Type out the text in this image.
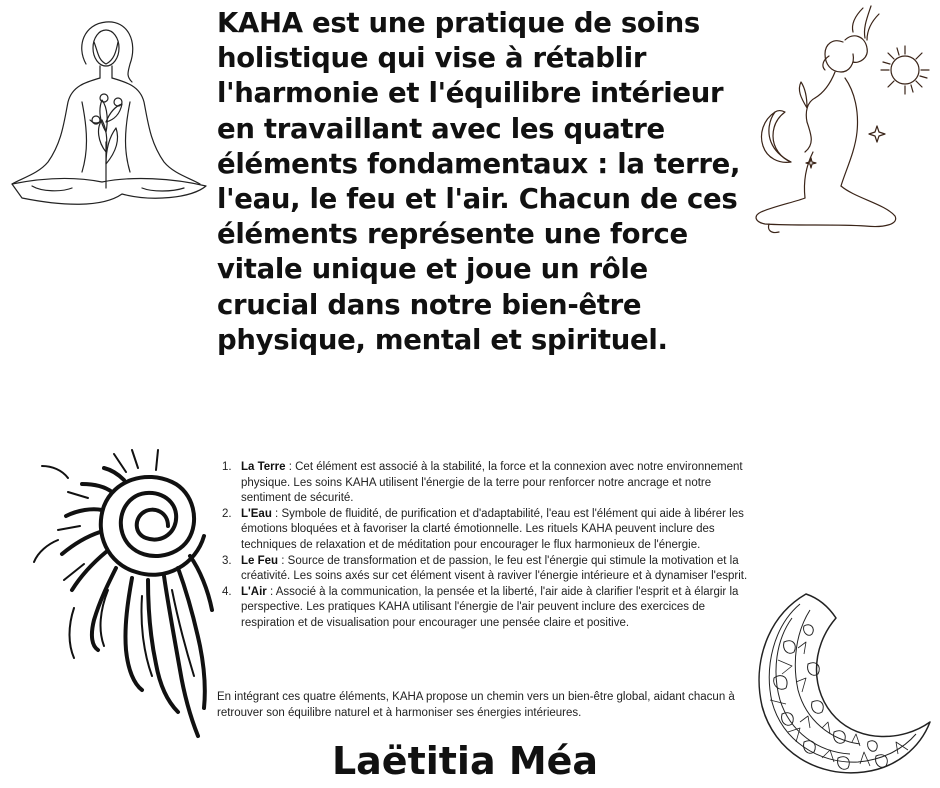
KAHA est une pratique de soins holistique qui vise à rétablir l'harmonie et l'équilibre intérieur en travaillant avec les quatre éléments fondamentaux : la terre, l'eau, le feu et l'air. Chacun de ces éléments représente une force vitale unique et joue un rôle crucial dans notre bien-être physique, mental et spirituel.

1. La Terre : Cet élément est associé à la stabilité, la force et la connexion avec notre environnement physique. Les soins KAHA utilisent l'énergie de la terre pour renforcer notre ancrage et notre sentiment de sécurité.
2. L'Eau : Symbole de fluidité, de purification et d'adaptabilité, l'eau est l'élément qui aide à libérer les émotions bloquées et à favoriser la clarté émotionnelle. Les rituels KAHA peuvent inclure des techniques de relaxation et de méditation pour encourager le flux harmonieux de l'énergie.
3. Le Feu : Source de transformation et de passion, le feu est l'énergie qui stimule la motivation et la créativité. Les soins axés sur cet élément visent à raviver l'énergie intérieure et à dynamiser l'esprit.
4. L'Air : Associé à la communication, la pensée et la liberté, l'air aide à clarifier l'esprit et à élargir la perspective. Les pratiques KAHA utilisant l'énergie de l'air peuvent inclure des exercices de respiration et de visualisation pour encourager une pensée claire et positive.

En intégrant ces quatre éléments, KAHA propose un chemin vers un bien-être global, aidant chacun à retrouver son équilibre naturel et à harmoniser ses énergies intérieures.

Laëtitia Méa
